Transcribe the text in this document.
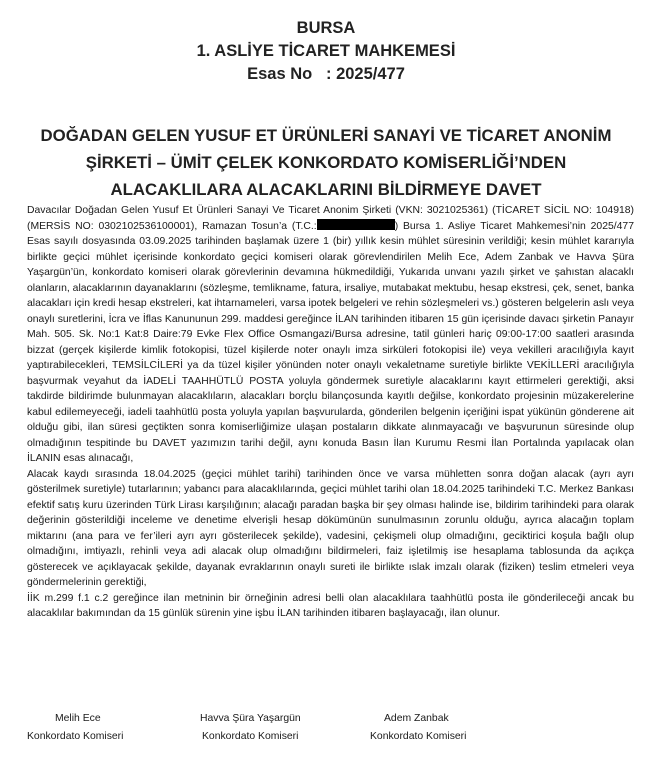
BURSA
1. ASLİYE TİCARET MAHKEMESİ
Esas No : 2025/477
DOĞADAN GELEN YUSUF ET ÜRÜNLERİ SANAYİ VE TİCARET ANONİM
ŞİRKETİ – ÜMİT ÇELEK KONKORDATO KOMİSERLİĞİ’NDEN
ALACAKLILARA ALACAKLARINI BİLDİRMEYE DAVET

Davacılar Doğadan Gelen Yusuf Et Ürünleri Sanayi Ve Ticaret Anonim Şirketi (VKN: 3021025361) (TİCARET SİCİL NO: 104918) (MERSİS NO: 0302102536100001), Ramazan Tosun’a (T.C.:	) Bursa 1. Asliye Ticaret Mahkemesi’nin 2025/477 Esas sayılı dosyasında 03.09.2025 tarihinden başlamak üzere 1 (bir) yıllık kesin mühlet süresinin verildiği; kesin mühlet kararıyla birlikte geçici mühlet içerisinde konkordato geçici komiseri olarak görevlendirilen Melih Ece, Adem Zanbak ve Havva Şüra Yaşargün’ün, konkordato komiseri olarak görevlerinin devamına hükmedildiği, Yukarıda unvanı yazılı şirket ve şahıstan alacaklı olanların, alacaklarının dayanaklarını (sözleşme, temlikname, fatura, irsaliye, mutabakat mektubu, hesap ekstresi, çek, senet, banka alacakları için kredi hesap ekstreleri, kat ihtarnameleri, varsa ipotek belgeleri ve rehin sözleşmeleri vs.) gösteren belgelerin aslı veya onaylı suretlerini, İcra ve İflas Kanununun 299. maddesi gereğince İLAN tarihinden itibaren 15 gün içerisinde davacı şirketin Panayır Mah. 505. Sk. No:1 Kat:8 Daire:79 Evke Flex Office Osmangazi/Bursa adresine, tatil günleri hariç 09:00-17:00 saatleri arasında bizzat (gerçek kişilerde kimlik fotokopisi, tüzel kişilerde noter onaylı imza sirküleri fotokopisi ile) veya vekilleri aracılığıyla kayıt yaptırabilecekleri, TEMSİLCİLERİ ya da tüzel kişiler yönünden noter onaylı vekaletname suretiyle birlikte VEKİLLERİ aracılığıyla başvurmak veyahut da İADELİ TAAHHÜTLÜ POSTA yoluyla göndermek suretiyle alacaklarını kayıt ettirmeleri gerektiği, aksi takdirde bildirimde bulunmayan alacaklıların, alacakları borçlu bilançosunda kayıtlı değilse, konkordato projesinin müzakerelerine kabul edilemeyeceği, iadeli taahhütlü posta yoluyla yapılan başvurularda, gönderilen belgenin içeriğini ispat yükünün gönderene ait olduğu gibi, ilan süresi geçtikten sonra komiserliğimize ulaşan postaların dikkate alınmayacağı ve başvurunun süresinde olup olmadığının tespitinde bu DAVET yazımızın tarihi değil, aynı konuda Basın İlan Kurumu Resmi İlan Portalında yapılacak olan İLANIN esas alınacağı,

Alacak kaydı sırasında 18.04.2025 (geçici mühlet tarihi) tarihinden önce ve varsa mühletten sonra doğan alacak (ayrı ayrı gösterilmek suretiyle) tutarlarının; yabancı para alacaklılarında, geçici mühlet tarihi olan 18.04.2025 tarihindeki T.C. Merkez Bankası efektif satış kuru üzerinden Türk Lirası karşılığının; alacağı paradan başka bir şey olması halinde ise, bildirim tarihindeki para olarak değerinin gösterildiği inceleme ve denetime elverişli hesap dökümünün sunulmasının zorunlu olduğu, ayrıca alacağın toplam miktarını (ana para ve fer’ileri ayrı ayrı gösterilecek şekilde), vadesini, çekişmeli olup olmadığını, geciktirici koşula bağlı olup olmadığını, imtiyazlı, rehinli veya adi alacak olup olmadığını bildirmeleri, faiz işletilmiş ise hesaplama tablosunda da açıkça gösterecek ve açıklayacak şekilde, dayanak evraklarının onaylı sureti ile birlikte ıslak imzalı olarak (fiziken) teslim etmeleri veya göndermelerinin gerektiği,

İİK m.299 f.1 c.2 gereğince ilan metninin bir örneğinin adresi belli olan alacaklılara taahhütlü posta ile gönderileceği ancak bu alacaklılar bakımından da 15 günlük sürenin yine işbu İLAN tarihinden itibaren başlayacağı, ilan olunur.

Melih Ece	Havva Şüra Yaşargün	Adem Zanbak
Konkordato Komiseri	Konkordato Komiseri	Konkordato Komiseri
